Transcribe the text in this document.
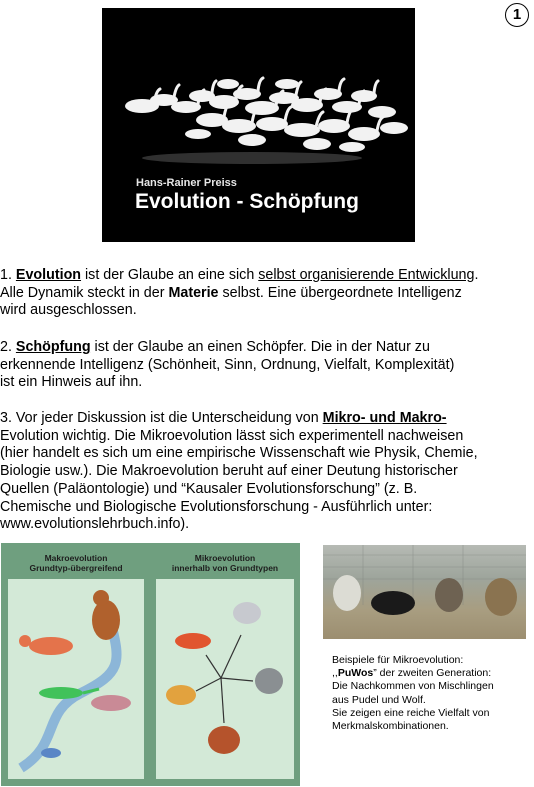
1
Hans-Rainer Preiss
Evolution - Schöpfung
1. Evolution ist der Glaube an eine sich selbst organisierende Entwicklung.
Alle Dynamik steckt in der Materie selbst. Eine übergeordnete Intelligenz
wird ausgeschlossen.
2. Schöpfung ist der Glaube an einen Schöpfer. Die in der Natur zu
erkennende Intelligenz (Schönheit, Sinn, Ordnung, Vielfalt, Komplexität)
ist ein Hinweis auf ihn.
3. Vor jeder Diskussion ist die Unterscheidung von Mikro- und Makro-
Evolution wichtig. Die Mikroevolution lässt sich experimentell nachweisen
(hier handelt es sich um eine empirische Wissenschaft wie Physik, Chemie,
Biologie usw.). Die Makroevolution beruht auf einer Deutung historischer
Quellen (Paläontologie) und “Kausaler Evolutionsforschung” (z. B.
Chemische und Biologische Evolutionsforschung - Ausführlich unter:
www.evolutionslehrbuch.info).
Makroevolution
Grundtyp-übergreifend
Mikroevolution
innerhalb von Grundtypen
Beispiele für Mikroevolution:
,,PuWos” der zweiten Generation:
Die Nachkommen von Mischlingen
aus Pudel und Wolf.
Sie zeigen eine reiche Vielfalt von
Merkmalskombinationen.
